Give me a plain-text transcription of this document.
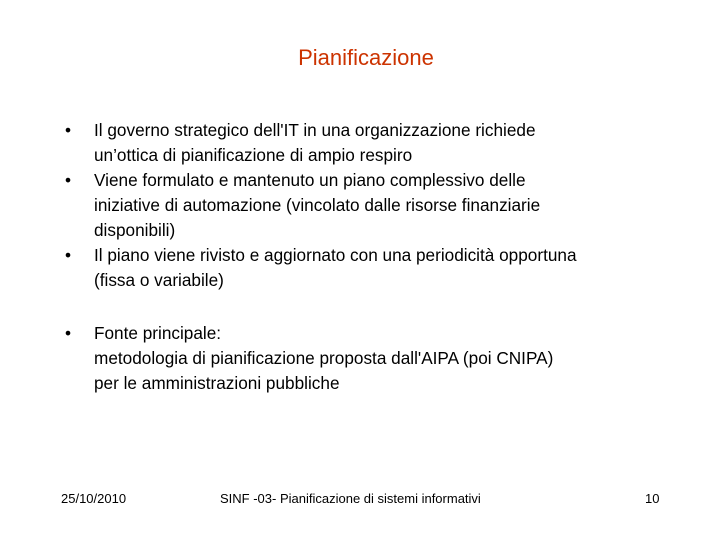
Pianificazione
• Il governo strategico dell'IT in una organizzazione richiede
un’ottica di pianificazione di ampio respiro
• Viene formulato e mantenuto un piano complessivo delle
iniziative di automazione (vincolato dalle risorse finanziarie
disponibili)
• Il piano viene rivisto e aggiornato con una periodicità opportuna
(fissa o variabile)
• Fonte principale:
metodologia di pianificazione proposta dall'AIPA (poi CNIPA)
per le amministrazioni pubbliche
25/10/2010	SINF -03- Pianificazione di sistemi informativi	10
